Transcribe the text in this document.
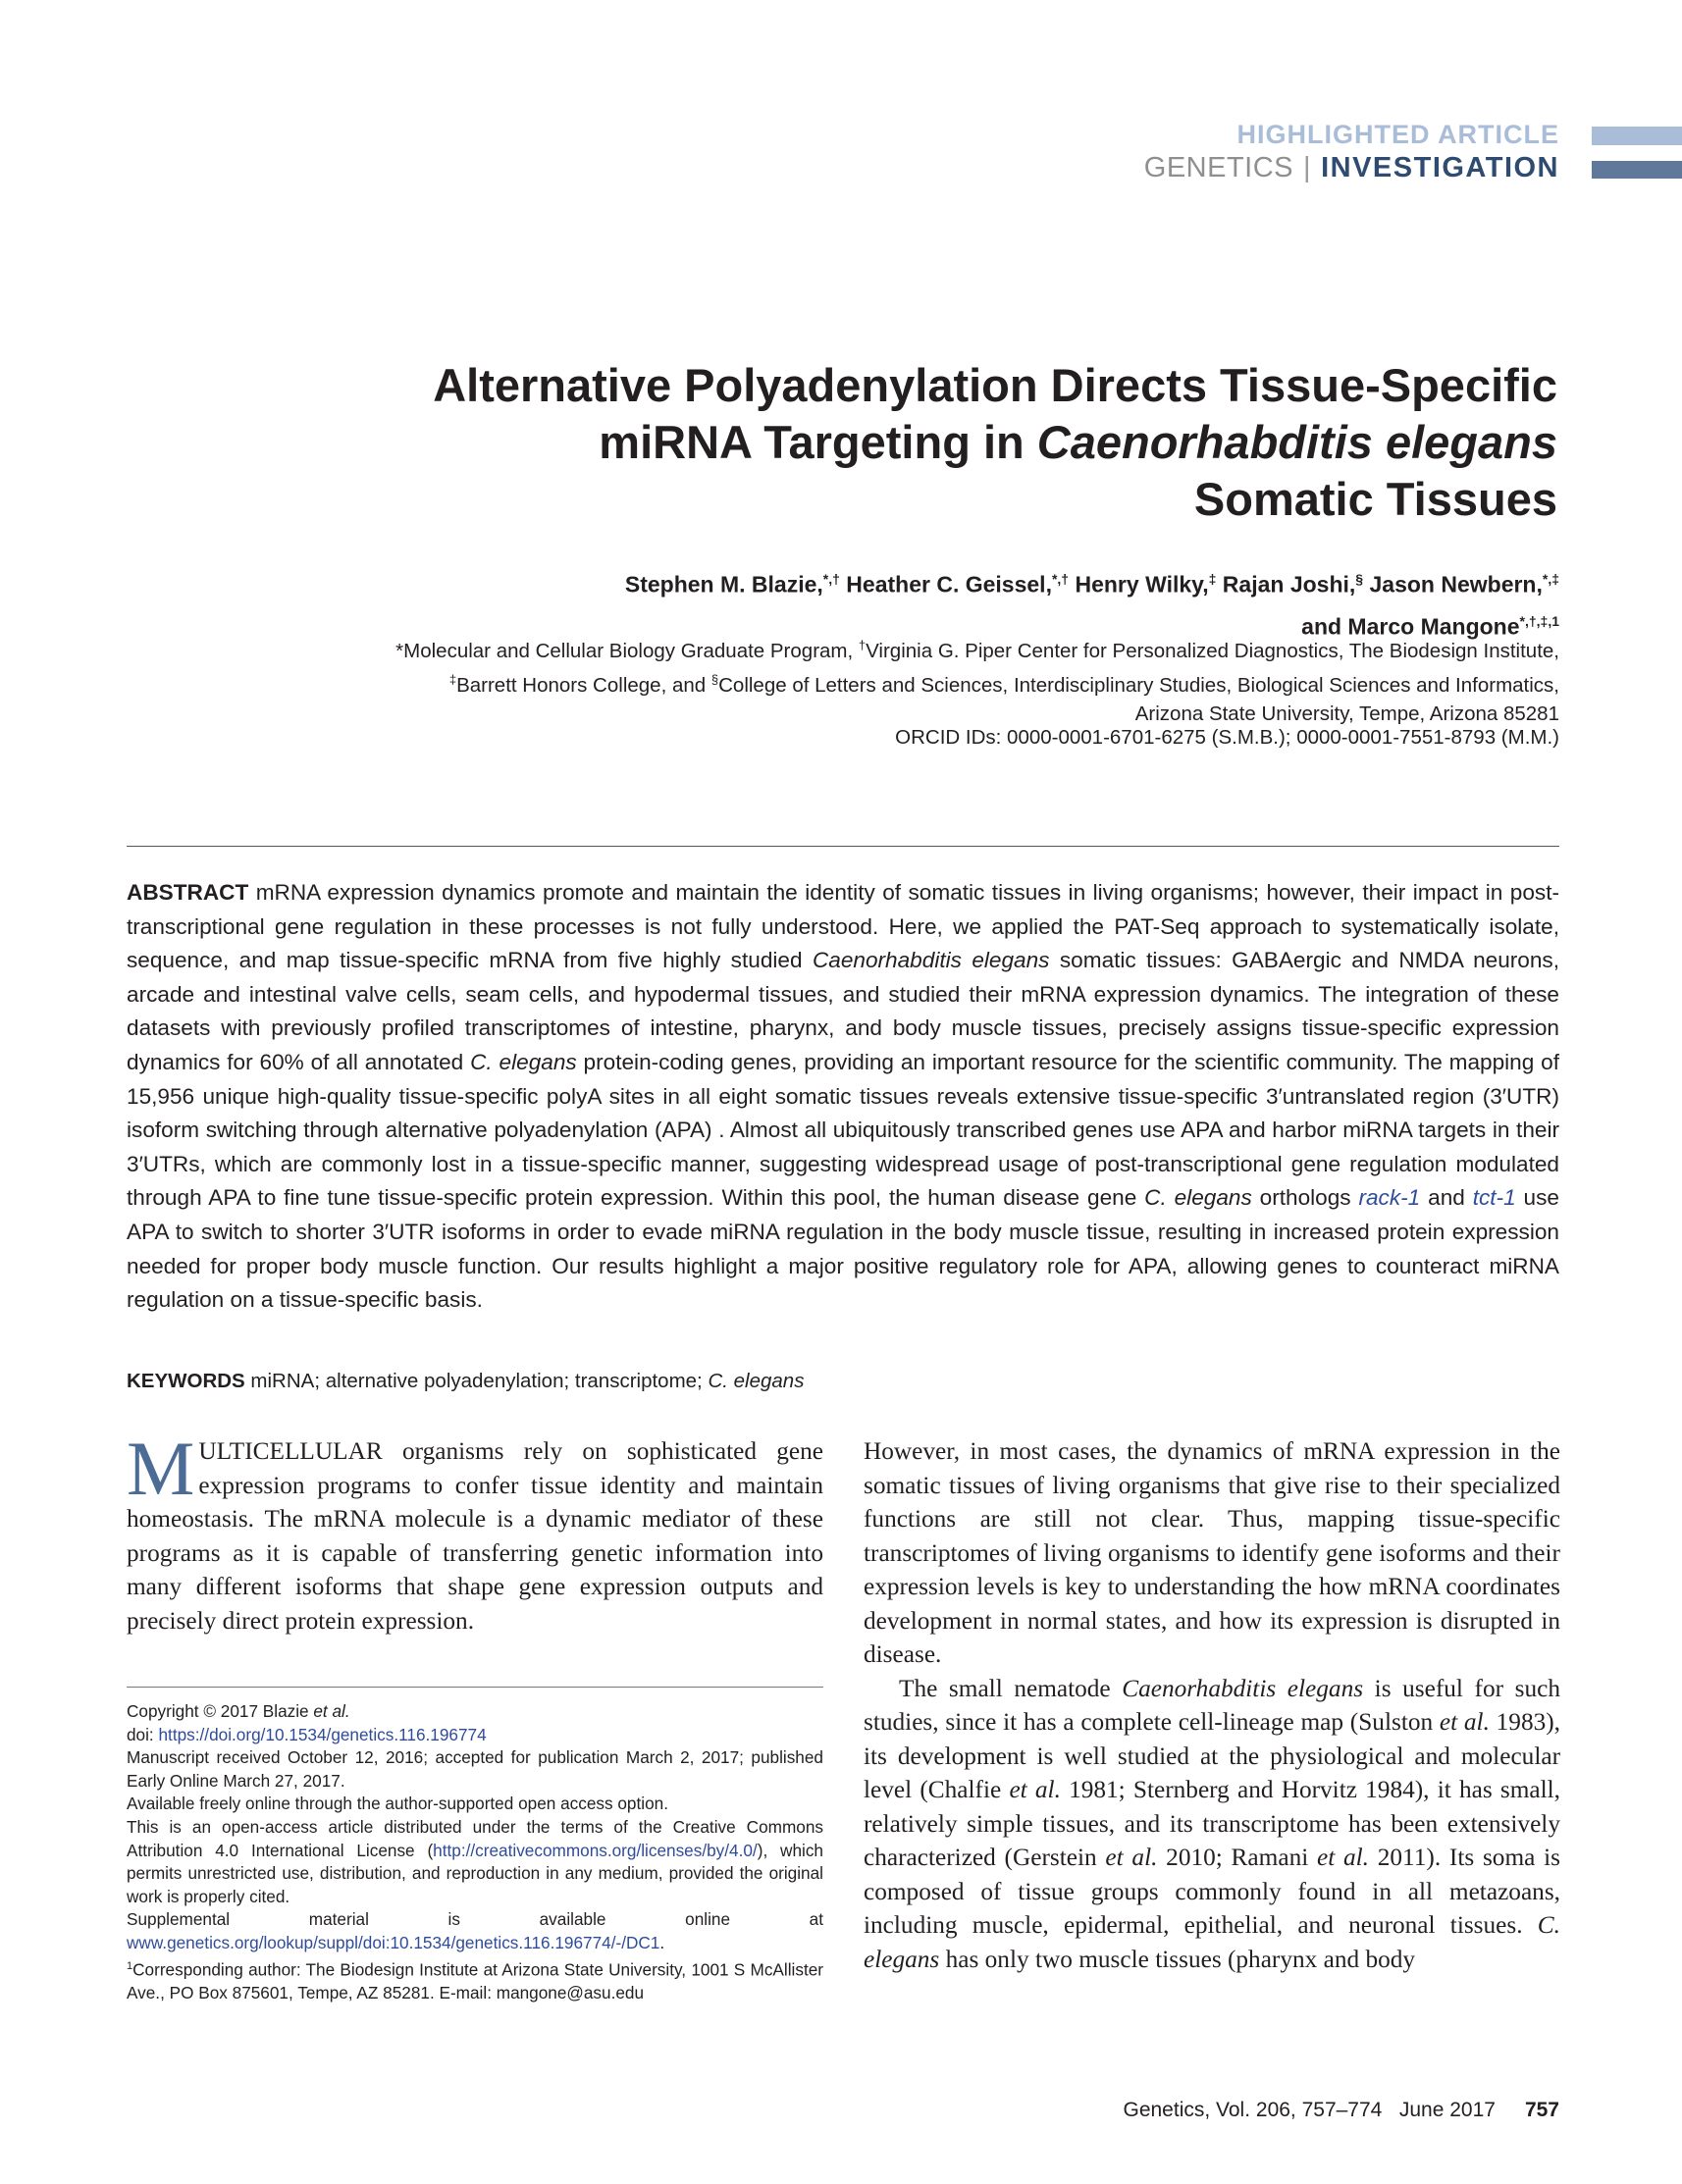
HIGHLIGHTED ARTICLE
GENETICS | INVESTIGATION
Alternative Polyadenylation Directs Tissue-Specific
miRNA Targeting in Caenorhabditis elegans
Somatic Tissues
Stephen M. Blazie,*,† Heather C. Geissel,*,† Henry Wilky,‡ Rajan Joshi,§ Jason Newbern,*,‡
and Marco Mangone$^{*,\dagger,\ddagger,1}$
*Molecular and Cellular Biology Graduate Program, †Virginia G. Piper Center for Personalized Diagnostics, The Biodesign Institute,
‡Barrett Honors College, and §College of Letters and Sciences, Interdisciplinary Studies, Biological Sciences and Informatics,
Arizona State University, Tempe, Arizona 85281
ORCID IDs: 0000-0001-6701-6275 (S.M.B.); 0000-0001-7551-8793 (M.M.)
ABSTRACT mRNA expression dynamics promote and maintain the identity of somatic tissues in living organisms; however, their impact in post-transcriptional gene regulation in these processes is not fully understood. Here, we applied the PAT-Seq approach to systematically isolate, sequence, and map tissue-specific mRNA from five highly studied Caenorhabditis elegans somatic tissues: GABAergic and NMDA neurons, arcade and intestinal valve cells, seam cells, and hypodermal tissues, and studied their mRNA expression dynamics. The integration of these datasets with previously profiled transcriptomes of intestine, pharynx, and body muscle tissues, precisely assigns tissue-specific expression dynamics for 60% of all annotated C. elegans protein-coding genes, providing an important resource for the scientific community. The mapping of 15,956 unique high-quality tissue-specific polyA sites in all eight somatic tissues reveals extensive tissue-specific 3′untranslated region (3′UTR) isoform switching through alternative polyadenylation (APA) . Almost all ubiquitously transcribed genes use APA and harbor miRNA targets in their 3′UTRs, which are commonly lost in a tissue-specific manner, suggesting widespread usage of post-transcriptional gene regulation modulated through APA to fine tune tissue-specific protein expression. Within this pool, the human disease gene C. elegans orthologs rack-1 and tct-1 use APA to switch to shorter 3′UTR isoforms in order to evade miRNA regulation in the body muscle tissue, resulting in increased protein expression needed for proper body muscle function. Our results highlight a major positive regulatory role for APA, allowing genes to counteract miRNA regulation on a tissue-specific basis.
KEYWORDS miRNA; alternative polyadenylation; transcriptome; C. elegans
MULTICELLULAR organisms rely on sophisticated gene expression programs to confer tissue identity and maintain homeostasis. The mRNA molecule is a dynamic mediator of these programs as it is capable of transferring genetic information into many different isoforms that shape gene expression outputs and precisely direct protein expression.

Copyright © 2017 Blazie et al.

doi: https://doi.org/10.1534/genetics.116.196774

Manuscript received October 12, 2016; accepted for publication March 2, 2017; published Early Online March 27, 2017.

Available freely online through the author-supported open access option.

This is an open-access article distributed under the terms of the Creative Commons Attribution 4.0 International License (http://creativecommons.org/licenses/by/4.0/), which permits unrestricted use, distribution, and reproduction in any medium, provided the original work is properly cited.

Supplemental material is available online at www.genetics.org/lookup/suppl/doi:10.1534/genetics.116.196774/-/DC1.

$^1$Corresponding author: The Biodesign Institute at Arizona State University, 1001 S McAllister Ave., PO Box 875601, Tempe, AZ 85281. E-mail: mangone@asu.edu

However, in most cases, the dynamics of mRNA expression in the somatic tissues of living organisms that give rise to their specialized functions are still not clear. Thus, mapping tissue-specific transcriptomes of living organisms to identify gene isoforms and their expression levels is key to understanding the how mRNA coordinates development in normal states, and how its expression is disrupted in disease.
The small nematode Caenorhabditis elegans is useful for such studies, since it has a complete cell-lineage map (Sulston et al. 1983), its development is well studied at the physiological and molecular level (Chalfie et al. 1981; Sternberg and Horvitz 1984), it has small, relatively simple tissues, and its transcriptome has been extensively characterized (Gerstein et al. 2010; Ramani et al. 2011). Its soma is composed of tissue groups commonly found in all metazoans, including muscle, epidermal, epithelial, and neuronal tissues. C. elegans has only two muscle tissues (pharynx and body
Genetics, Vol. 206, 757–774   June 2017 757
